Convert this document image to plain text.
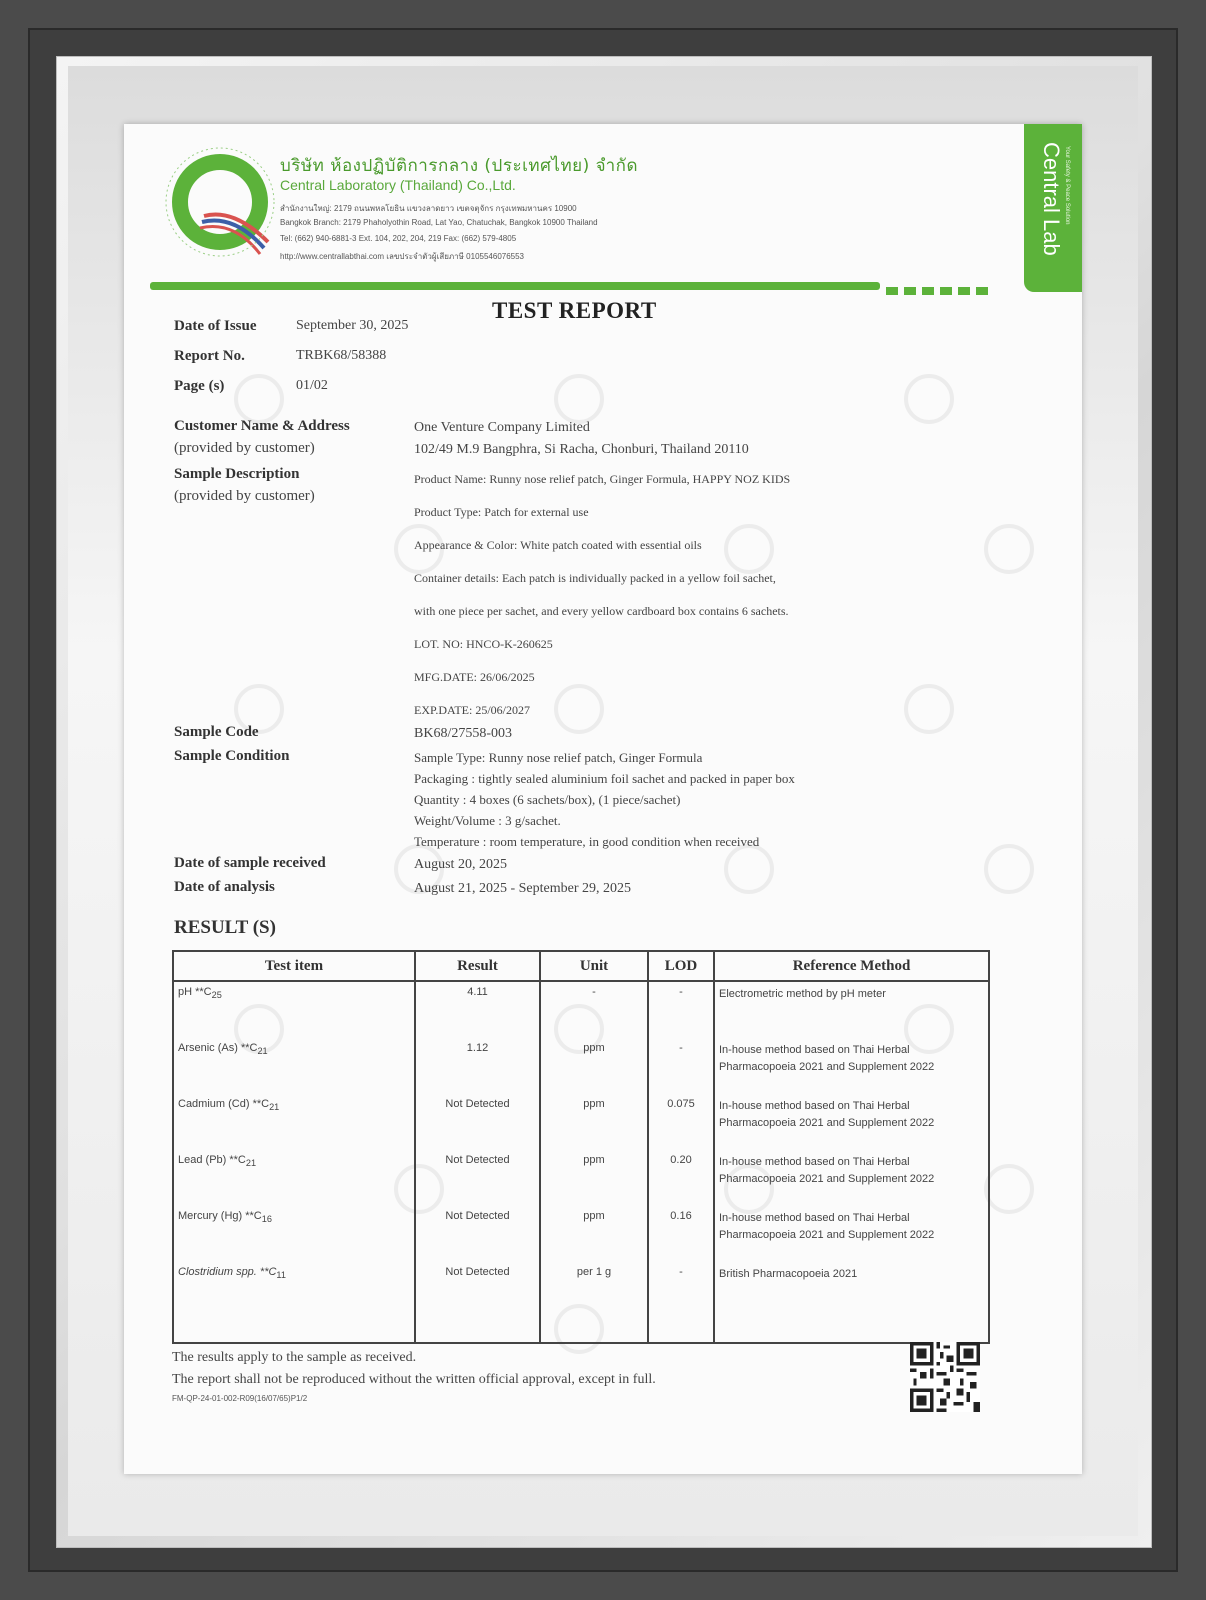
บริษัท ห้องปฏิบัติการกลาง (ประเทศไทย) จำกัด
Central Laboratory (Thailand) Co.,Ltd.
สำนักงานใหญ่: 2179 ถนนพหลโยธิน แขวงลาดยาว เขตจตุจักร กรุงเทพมหานคร 10900
Bangkok Branch: 2179 Phaholyothin Road, Lat Yao, Chatuchak, Bangkok 10900 Thailand
Tel: (662) 940-6881-3 Ext. 104, 202, 204, 219 Fax: (662) 579-4805
http://www.centrallabthai.com เลขประจำตัวผู้เสียภาษี 0105546076553
Central Lab Your Safety & Peace Solution
TEST REPORT
Date of Issue	September 30, 2025
Report No.	TRBK68/58388
Page (s)	01/02
Customer Name & Address
(provided by customer)
One Venture Company Limited
102/49 M.9 Bangphra, Si Racha, Chonburi, Thailand 20110
Sample Description
(provided by customer)
Product Name: Runny nose relief patch, Ginger Formula, HAPPY NOZ KIDS
Product Type: Patch for external use
Appearance & Color: White patch coated with essential oils
Container details: Each patch is individually packed in a yellow foil sachet,
with one piece per sachet, and every yellow cardboard box contains 6 sachets.
LOT. NO: HNCO-K-260625
MFG.DATE: 26/06/2025
EXP.DATE: 25/06/2027
Sample Code	BK68/27558-003
Sample Condition	Sample Type: Runny nose relief patch, Ginger Formula
Packaging : tightly sealed aluminium foil sachet and packed in paper box
Quantity : 4 boxes (6 sachets/box), (1 piece/sachet)
Weight/Volume : 3 g/sachet.
Temperature : room temperature, in good condition when received
Date of sample received	August 20, 2025
Date of analysis	August 21, 2025 - September 29, 2025
RESULT (S)
Test item	Result	Unit	LOD	Reference Method
pH $**C_{25}$	4.11	-	-	Electrometric method by pH meter
Arsenic (As) $**C_{21}$	1.12	ppm	-	In-house method based on Thai Herbal Pharmacopoeia 2021 and Supplement 2022
Cadmium (Cd) $**C_{21}$	Not Detected	ppm	0.075	In-house method based on Thai Herbal Pharmacopoeia 2021 and Supplement 2022
Lead (Pb) $**C_{21}$	Not Detected	ppm	0.20	In-house method based on Thai Herbal Pharmacopoeia 2021 and Supplement 2022
Mercury (Hg) $**C_{16}$	Not Detected	ppm	0.16	In-house method based on Thai Herbal Pharmacopoeia 2021 and Supplement 2022
Clostridium spp. $**C_{11}$	Not Detected	per 1 g	-	British Pharmacopoeia 2021

The results apply to the sample as received.
The report shall not be reproduced without the written official approval, except in full.
FM-QP-24-01-002-R09(16/07/65)P1/2
